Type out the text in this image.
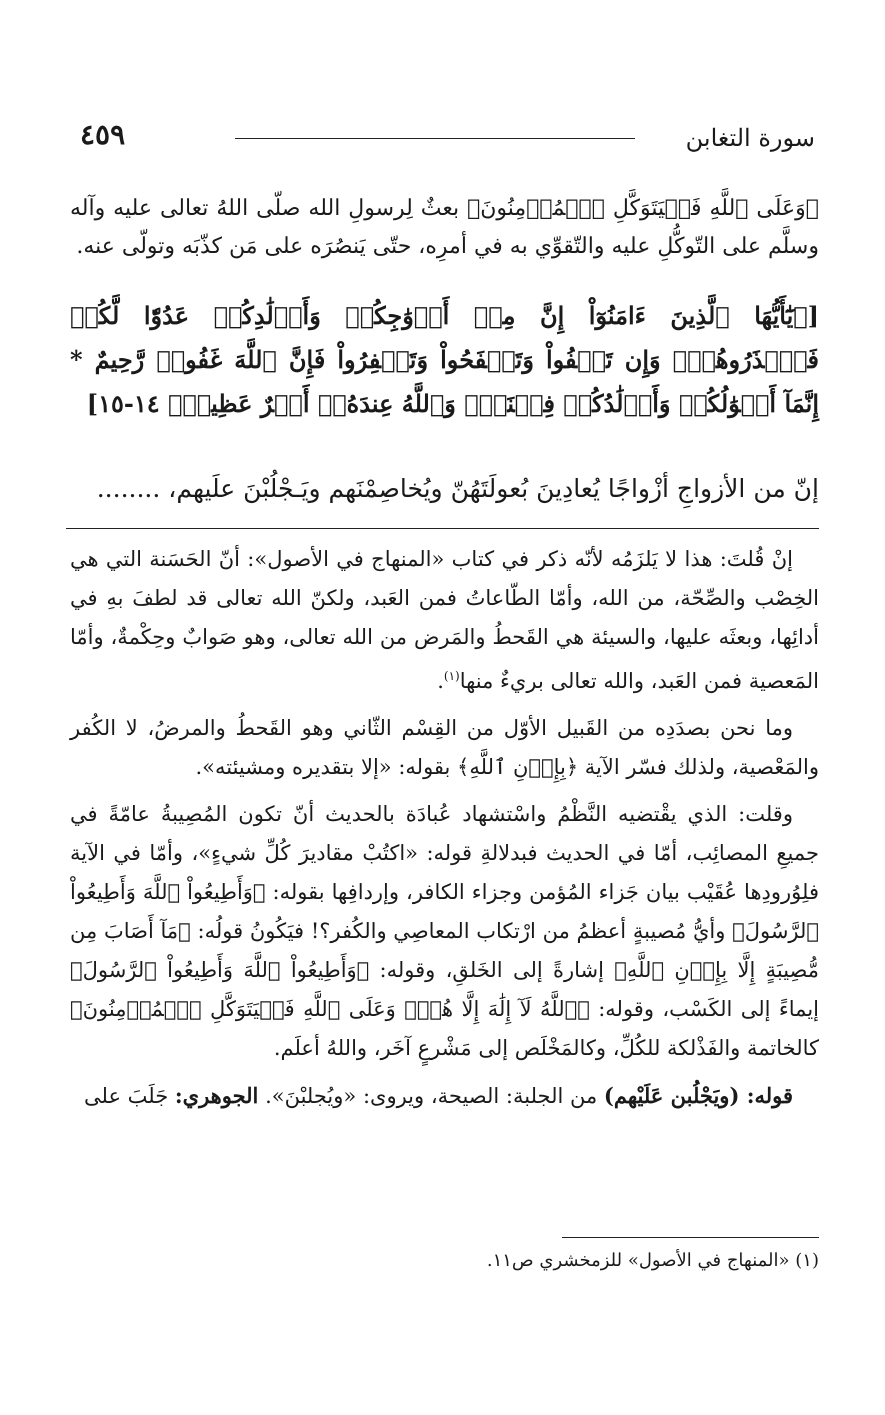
سورة التغابن
٤٥٩
﴿وَعَلَى ٱللَّهِ فَلۡيَتَوَكَّلِ ٱلۡمُؤۡمِنُونَ﴾ بعثٌ لِرسولِ الله صلّى اللهُ تعالى عليه وآله وسلَّم على التّوكُّلِ عليه والتّقوِّي به في أمرِه، حتّى يَنصُرَه على مَن كذّبَه وتولّى عنه.
[﴿يَٰٓأَيُّهَا ٱلَّذِينَ ءَامَنُوٓاْ إِنَّ مِنۡ أَزۡوَٰجِكُمۡ وَأَوۡلَٰدِكُمۡ عَدُوّٗا لَّكُمۡ فَٱحۡذَرُوهُمۡۚ وَإِن تَعۡفُواْ وَتَصۡفَحُواْ وَتَغۡفِرُواْ فَإِنَّ ٱللَّهَ غَفُورٞ رَّحِيمٌ * إِنَّمَآ أَمۡوَٰلُكُمۡ وَأَوۡلَٰدُكُمۡ فِتۡنَةٞۚ وَٱللَّهُ عِندَهُۥٓ أَجۡرٌ عَظِيمٞ﴾ ١٤-١٥]
إنّ من الأزواجِ أزْواجًا يُعادِينَ بُعولَتَهُنّ ويُخاصِمْنَهم ويَـجْلُبْنَ علَيهم، ........

إنْ قُلتَ: هذا لا يَلزَمُه لأنّه ذكر في كتاب «المنهاج في الأصول»: أنّ الحَسَنة التي هي الخِصْب والصِّحّة، من الله، وأمّا الطّاعاتُ فمن العَبد، ولكنّ الله تعالى قد لطفَ بهِ في أدائِها، وبعثَه عليها، والسيئة هي القَحطُ والمَرض من الله تعالى، وهو صَوابٌ وحِكْمةٌ، وأمّا المَعصية فمن العَبد، والله تعالى بريءٌ منها$^{(١)}$.

وما نحن بصدَدِه من القَبيل الأوّل من القِسْم الثّاني وهو القَحطُ والمرضُ، لا الكُفر والمَعْصية، ولذلك فسّر الآية ﴿بِإِذۡنِ ٱللَّهِ﴾ بقوله: «إلا بتقديره ومشيئته».

وقلت: الذي يقْتضيه النَّظْمُ واسْتشهاد عُبادَة بالحديث أنّ تكون المُصِيبةُ عامّةً في جميعِ المصائِب، أمّا في الحديث فبدلالةِ قوله: «اكتُبْ مقاديرَ كُلِّ شيءٍ»، وأمّا في الآية فلِوُرودِها عُقَيْب بيان جَزاء المُؤمن وجزاء الكافر، وإردافِها بقوله: ﴿وَأَطِيعُواْ ٱللَّهَ وَأَطِيعُواْ ٱلرَّسُولَ﴾ وأيُّ مُصيبةٍ أعظمُ من ارْتكاب المعاصِي والكُفر؟! فيَكُونُ قولُه: ﴿مَآ أَصَابَ مِن مُّصِيبَةٍ إِلَّا بِإِذۡنِ ٱللَّهِ﴾ إشارةً إلى الخَلقِ، وقوله: ﴿وَأَطِيعُواْ ٱللَّهَ وَأَطِيعُواْ ٱلرَّسُولَ﴾ إيماءً إلى الكَسْب، وقوله: ﴿ٱللَّهُ لَآ إِلَٰهَ إِلَّا هُوَۚ وَعَلَى ٱللَّهِ فَلۡيَتَوَكَّلِ ٱلۡمُؤۡمِنُونَ﴾ كالخاتمة والفَذْلكة للكُلِّ، وكالمَخْلَص إلى مَشْرعٍ آخَر، واللهُ أعلَم.

قوله: (ويَجْلُبن عَلَيْهم) من الجلبة: الصيحة، ويروى: «ويُجلبْنَ». الجوهري: جَلَبَ على

(١) «المنهاج في الأصول» للزمخشري ص١١.
